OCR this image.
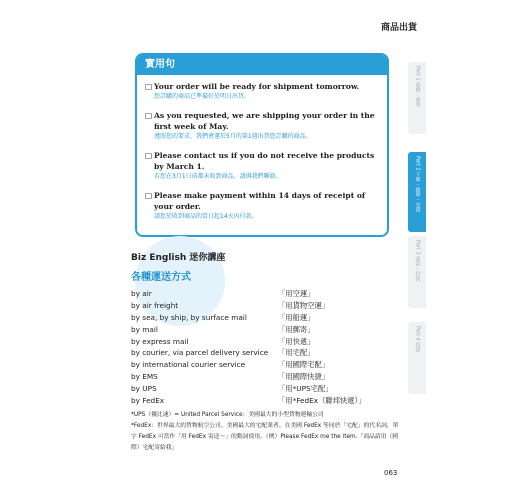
商品出貨
實用句
□ Your order will be ready for shipment tomorrow.
您訂購的商品已準備好於明日出貨。
□ As you requested, we are shipping your order in the first week of May.
遵照您的要求，我們會運於5月的第1週出貨您訂購的商品。
□ Please contact us if you do not receive the products by March 1.
若您在3月1日前都未收到商品，請與我們聯絡。
□ Please make payment within 14 days of receipt of your order.
請您於收到商品的當日起14天內付款。
Part 1 商務・談判
Part 2 下單・接單・交貨
Part 3 請款・付款
Part 4 投訴
Biz English 迷你講座
各種運送方式
by air	「用空運」
by air freight	「用貨物空運」
by sea, by ship, by surface mail	「用船運」
by mail	「用郵寄」
by express mail	「用快遞」
by courier, via parcel delivery service 「用宅配」
by international courier service	「用國際宅配」
by EMS	「用國際快捷」
by UPS	「用*UPS宅配」
by FedEx	「用*FedEx（聯邦快遞）」
*UPS（優比速）= United Parcel Service：美國最大的小型貨物運輸公司
*FedEx：世界最大的貨物航空公司、美國最大的宅配業者。在美國 FedEx 等同於「宅配」的代名詞，單字 FedEx 可當作「用 FedEx 寄送～」的動詞使用。（例）Please FedEx me the item.「商品請用（國際）宅配寄給我」
063
